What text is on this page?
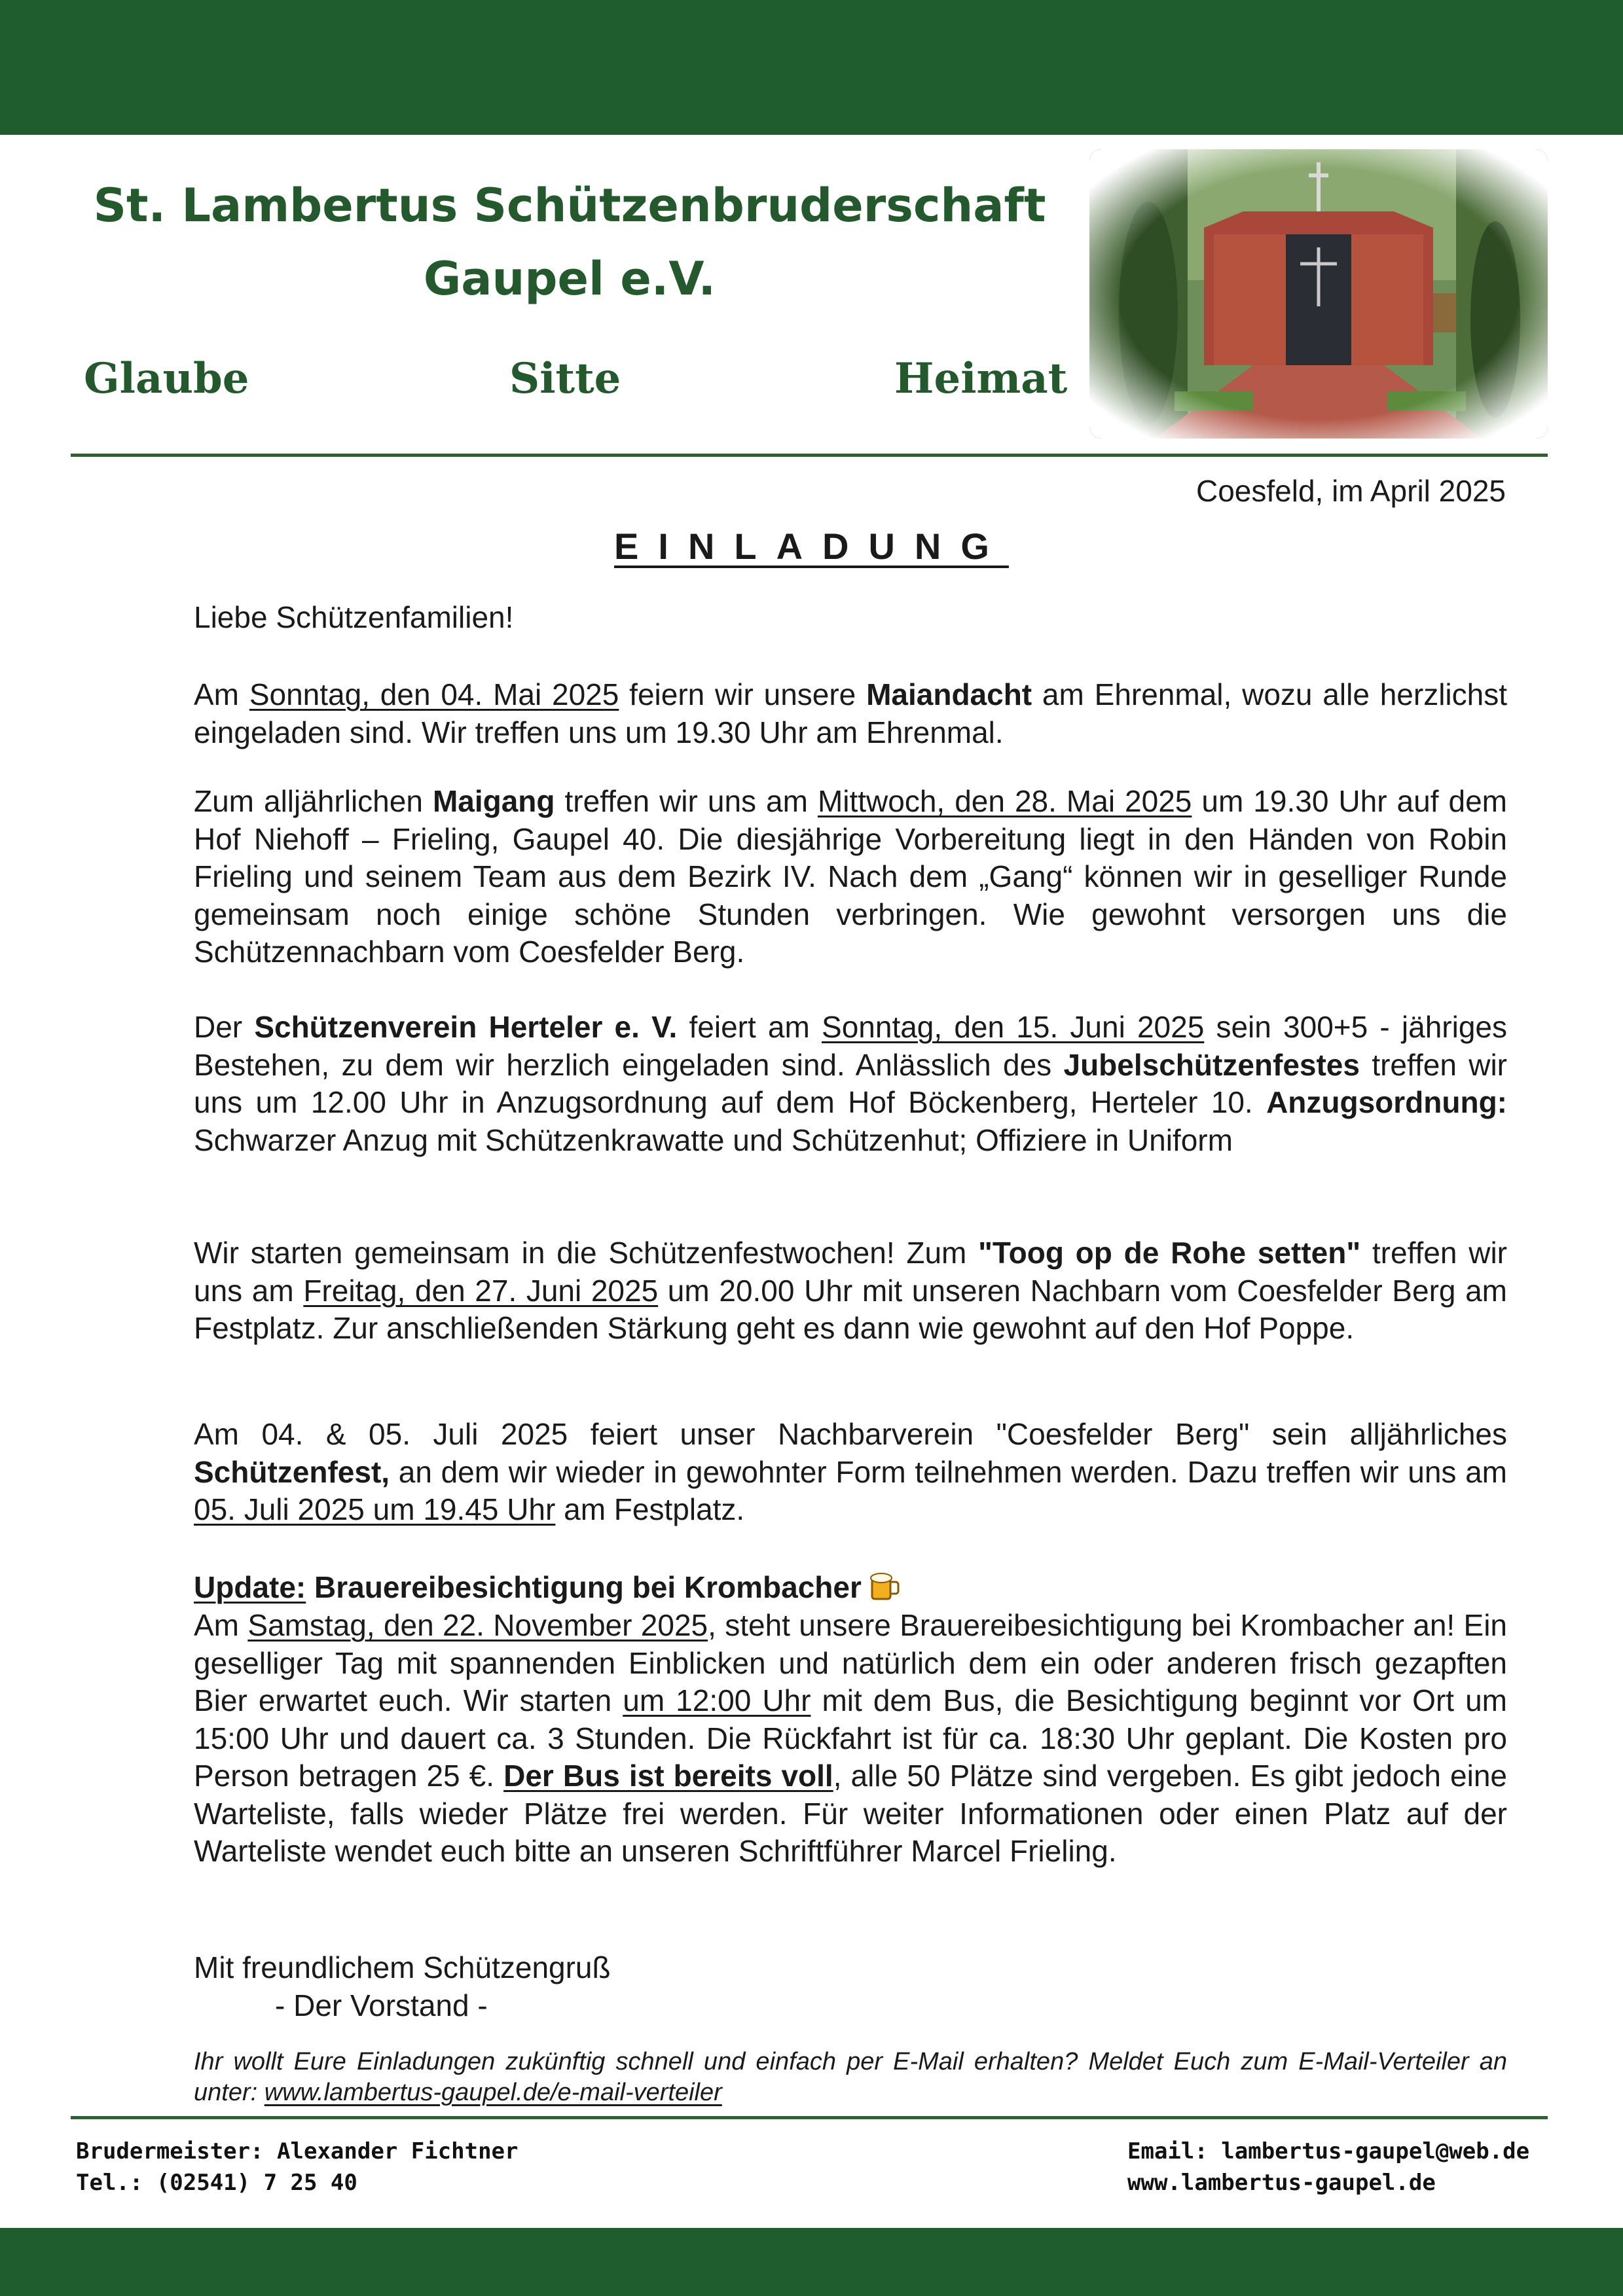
St. Lambertus Schützenbruderschaft
Gaupel e.V.
Glaube	Sitte	Heimat
Coesfeld, im April 2025
EINLADUNG
Liebe Schützenfamilien!

Am Sonntag, den 04. Mai 2025 feiern wir unsere Maiandacht am Ehrenmal, wozu alle herzlichst eingeladen sind. Wir treffen uns um 19.30 Uhr am Ehrenmal.

Zum alljährlichen Maigang treffen wir uns am Mittwoch, den 28. Mai 2025 um 19.30 Uhr auf dem Hof Niehoff – Frieling, Gaupel 40. Die diesjährige Vorbereitung liegt in den Händen von Robin Frieling und seinem Team aus dem Bezirk IV. Nach dem „Gang“ können wir in geselliger Runde gemeinsam noch einige schöne Stunden verbringen. Wie gewohnt versorgen uns die Schützennachbarn vom Coesfelder Berg.

Der Schützenverein Herteler e. V. feiert am Sonntag, den 15. Juni 2025 sein 300+5 - jähriges Bestehen, zu dem wir herzlich eingeladen sind. Anlässlich des Jubelschützenfestes treffen wir uns um 12.00 Uhr in Anzugsordnung auf dem Hof Böckenberg, Herteler 10. Anzugsordnung: Schwarzer Anzug mit Schützenkrawatte und Schützenhut; Offiziere in Uniform

Wir starten gemeinsam in die Schützenfestwochen! Zum "Toog op de Rohe setten" treffen wir uns am Freitag, den 27. Juni 2025 um 20.00 Uhr mit unseren Nachbarn vom Coesfelder Berg am Festplatz. Zur anschließenden Stärkung geht es dann wie gewohnt auf den Hof Poppe.

Am 04. & 05. Juli 2025 feiert unser Nachbarverein "Coesfelder Berg" sein alljährliches Schützenfest, an dem wir wieder in gewohnter Form teilnehmen werden. Dazu treffen wir uns am 05. Juli 2025 um 19.45 Uhr am Festplatz.

Update: Brauereibesichtigung bei Krombacher

Am Samstag, den 22. November 2025, steht unsere Brauereibesichtigung bei Krombacher an! Ein geselliger Tag mit spannenden Einblicken und natürlich dem ein oder anderen frisch gezapften Bier erwartet euch. Wir starten um 12:00 Uhr mit dem Bus, die Besichtigung beginnt vor Ort um 15:00 Uhr und dauert ca. 3 Stunden. Die Rückfahrt ist für ca. 18:30 Uhr geplant. Die Kosten pro Person betragen 25 €. Der Bus ist bereits voll, alle 50 Plätze sind vergeben. Es gibt jedoch eine Warteliste, falls wieder Plätze frei werden. Für weiter Informationen oder einen Platz auf der Warteliste wendet euch bitte an unseren Schriftführer Marcel Frieling.

Mit freundlichem Schützengruß
- Der Vorstand -
Ihr wollt Eure Einladungen zukünftig schnell und einfach per E-Mail erhalten? Meldet Euch zum E-Mail-Verteiler an unter: www.lambertus-gaupel.de/e-mail-verteiler
Brudermeister: Alexander Fichtner
Tel.: (02541) 7 25 40
Email: lambertus-gaupel@web.de
www.lambertus-gaupel.de
